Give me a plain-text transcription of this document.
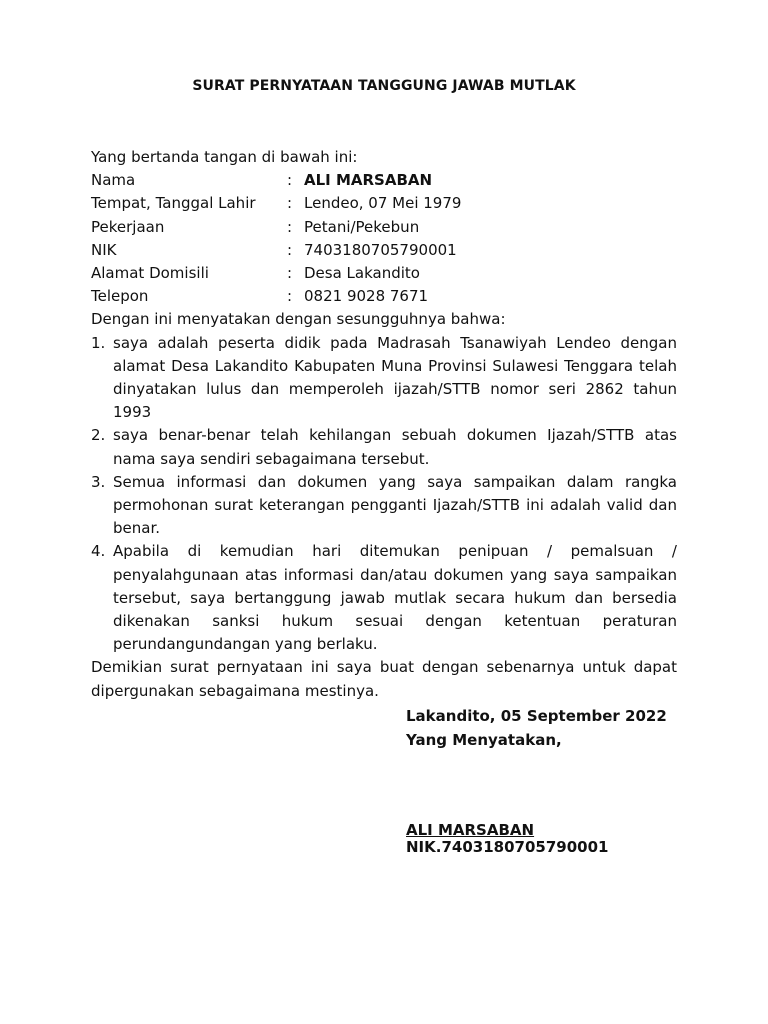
SURAT PERNYATAAN TANGGUNG JAWAB MUTLAK
Yang bertanda tangan di bawah ini:
Nama	: ALI MARSABAN
Tempat, Tanggal Lahir	: Lendeo, 07 Mei 1979
Pekerjaan	: Petani/Pekebun
NIK	: 7403180705790001
Alamat Domisili	: Desa Lakandito
Telepon	: 0821 9028 7671
Dengan ini menyatakan dengan sesungguhnya bahwa:
1. saya adalah peserta didik pada Madrasah Tsanawiyah Lendeo dengan alamat Desa Lakandito Kabupaten Muna Provinsi Sulawesi Tenggara telah dinyatakan lulus dan memperoleh ijazah/STTB nomor seri 2862 tahun 1993
2. saya benar-benar telah kehilangan sebuah dokumen Ijazah/STTB atas nama saya sendiri sebagaimana tersebut.
3. Semua informasi dan dokumen yang saya sampaikan dalam rangka permohonan surat keterangan pengganti Ijazah/STTB ini adalah valid dan benar.
4. Apabila di kemudian hari ditemukan penipuan / pemalsuan / penyalahgunaan atas informasi dan/atau dokumen yang saya sampaikan tersebut, saya bertanggung jawab mutlak secara hukum dan bersedia dikenakan sanksi hukum sesuai dengan ketentuan peraturan perundangundangan yang berlaku.
Demikian surat pernyataan ini saya buat dengan sebenarnya untuk dapat dipergunakan sebagaimana mestinya.
Lakandito, 05 September 2022
Yang Menyatakan,
ALI MARSABAN
NIK.7403180705790001
